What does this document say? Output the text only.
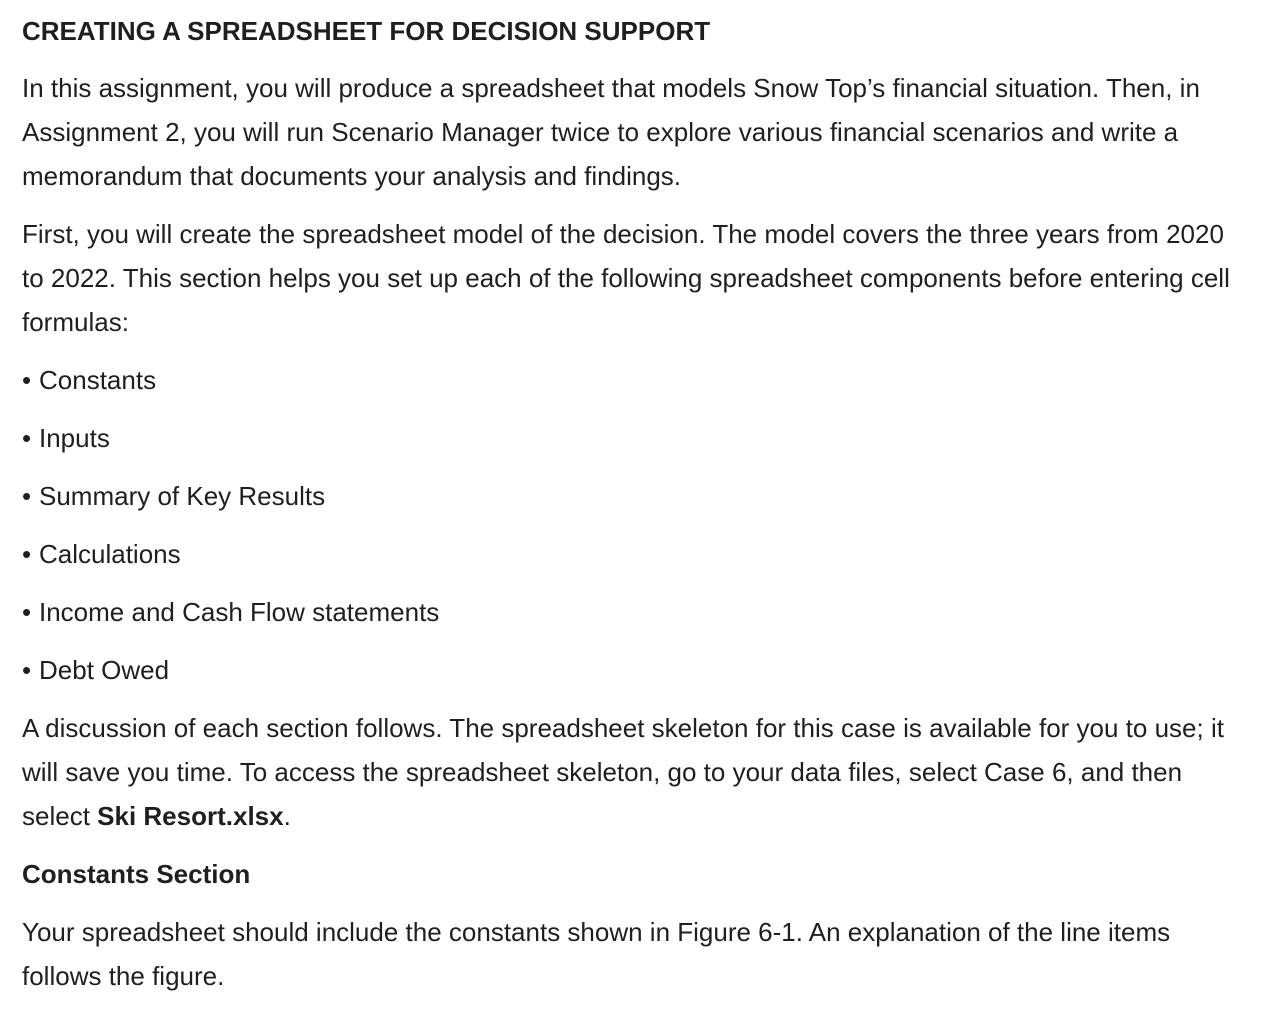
CREATING A SPREADSHEET FOR DECISION SUPPORT

In this assignment, you will produce a spreadsheet that models Snow Top’s financial situation. Then, in Assignment 2, you will run Scenario Manager twice to explore various financial scenarios and write a memorandum that documents your analysis and findings.

First, you will create the spreadsheet model of the decision. The model covers the three years from 2020 to 2022. This section helps you set up each of the following spreadsheet components before entering cell formulas:

• Constants
• Inputs
• Summary of Key Results
• Calculations
• Income and Cash Flow statements
• Debt Owed

A discussion of each section follows. The spreadsheet skeleton for this case is available for you to use; it will save you time. To access the spreadsheet skeleton, go to your data files, select Case 6, and then select Ski Resort.xlsx.

Constants Section

Your spreadsheet should include the constants shown in Figure 6-1. An explanation of the line items follows the figure.
